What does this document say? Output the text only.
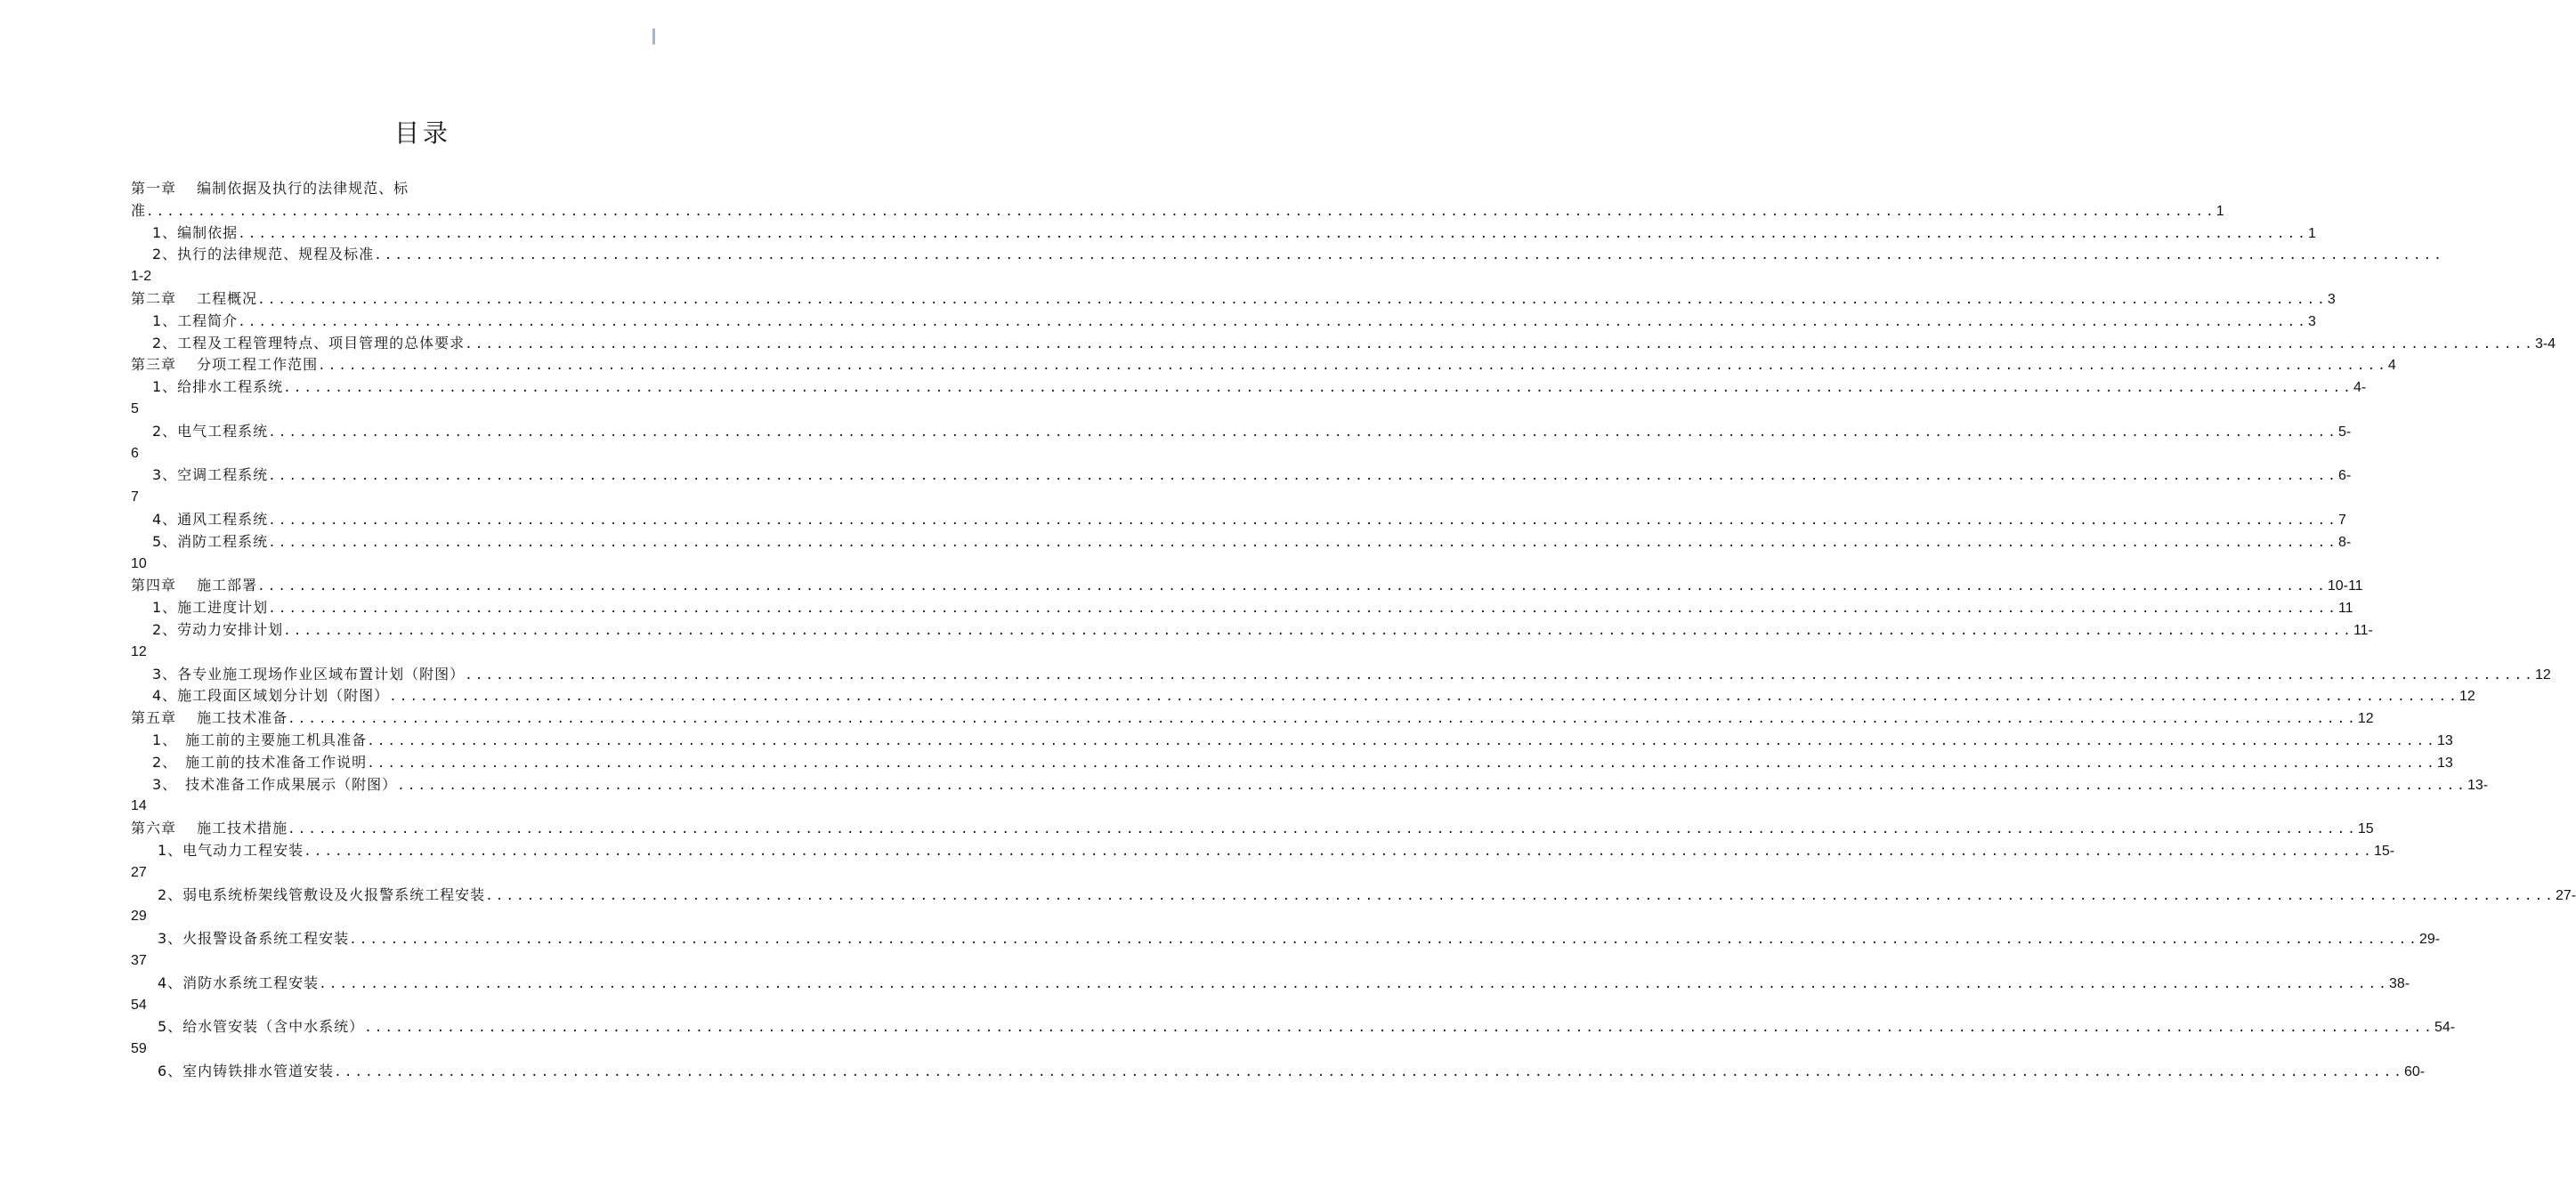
目录
第一章　 编制依据及执行的法律规范、标
准 ........................................................................................................................................................................................................ 1
1、编制依据 ........................................................................................................................................................................................................ 1
2、执行的法律规范、规程及标准 ........................................................................................................................................................................................................
1-2
第二章　 工程概况 ........................................................................................................................................................................................................ 3
1、工程简介 ........................................................................................................................................................................................................ 3
2、工程及工程管理特点、项目管理的总体要求 ........................................................................................................................................................................................................ 3-4
第三章　 分项工程工作范围 ........................................................................................................................................................................................................ 4
1、给排水工程系统 ........................................................................................................................................................................................................ 4-
5
2、电气工程系统 ........................................................................................................................................................................................................ 5-
6
3、空调工程系统 ........................................................................................................................................................................................................ 6-
7
4、通风工程系统 ........................................................................................................................................................................................................ 7
5、消防工程系统 ........................................................................................................................................................................................................ 8-
10
第四章　 施工部署 ........................................................................................................................................................................................................ 10-11
1、施工进度计划 ........................................................................................................................................................................................................ 11
2、劳动力安排计划 ........................................................................................................................................................................................................ 11-
12
3、各专业施工现场作业区域布置计划（附图） ........................................................................................................................................................................................................ 12
4、施工段面区域划分计划（附图） ........................................................................................................................................................................................................ 12
第五章　 施工技术准备 ........................................................................................................................................................................................................ 12
1、　施工前的主要施工机具准备 ........................................................................................................................................................................................................ 13
2、　施工前的技术准备工作说明 ........................................................................................................................................................................................................ 13
3、　技术准备工作成果展示（附图） ........................................................................................................................................................................................................ 13-
14
第六章　 施工技术措施 ........................................................................................................................................................................................................ 15
1、电气动力工程安装 ........................................................................................................................................................................................................ 15-
27
2、弱电系统桥架线管敷设及火报警系统工程安装 ........................................................................................................................................................................................................ 27-
29
3、火报警设备系统工程安装 ........................................................................................................................................................................................................ 29-
37
4、消防水系统工程安装 ........................................................................................................................................................................................................ 38-
54
5、给水管安装（含中水系统） ........................................................................................................................................................................................................ 54-
59
6、室内铸铁排水管道安装 ........................................................................................................................................................................................................ 60-
